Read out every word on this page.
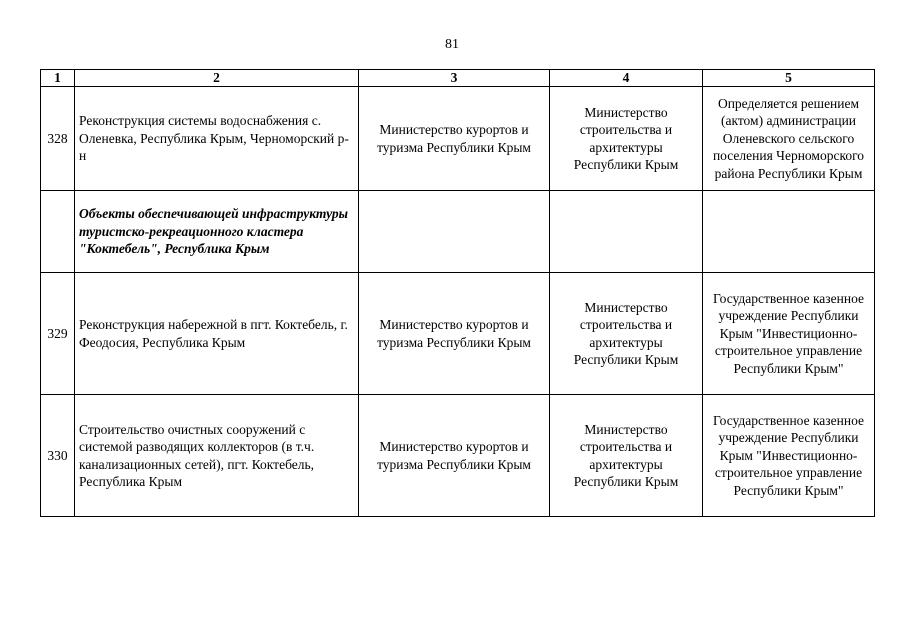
81
1	2	3	4	5
328	Реконструкция системы водоснабжения с. Оленевка, Республика Крым, Черноморский р-н	Министерство курортов и туризма Республики Крым	Министерство строительства и архитектуры Республики Крым	Определяется решением (актом) администрации Оленевского сельского поселения Черноморского района Республики Крым
	Объекты обеспечивающей инфраструктуры туристско-рекреационного кластера "Коктебель", Республика Крым			
329	Реконструкция набережной в пгт. Коктебель, г. Феодосия, Республика Крым	Министерство курортов и туризма Республики Крым	Министерство строительства и архитектуры Республики Крым	Государственное казенное учреждение Республики Крым "Инвестиционно-строительное управление Республики Крым"
330	Строительство очистных сооружений с системой разводящих коллекторов (в т.ч. канализационных сетей), пгт. Коктебель, Республика Крым	Министерство курортов и туризма Республики Крым	Министерство строительства и архитектуры Республики Крым	Государственное казенное учреждение Республики Крым "Инвестиционно-строительное управление Республики Крым"
